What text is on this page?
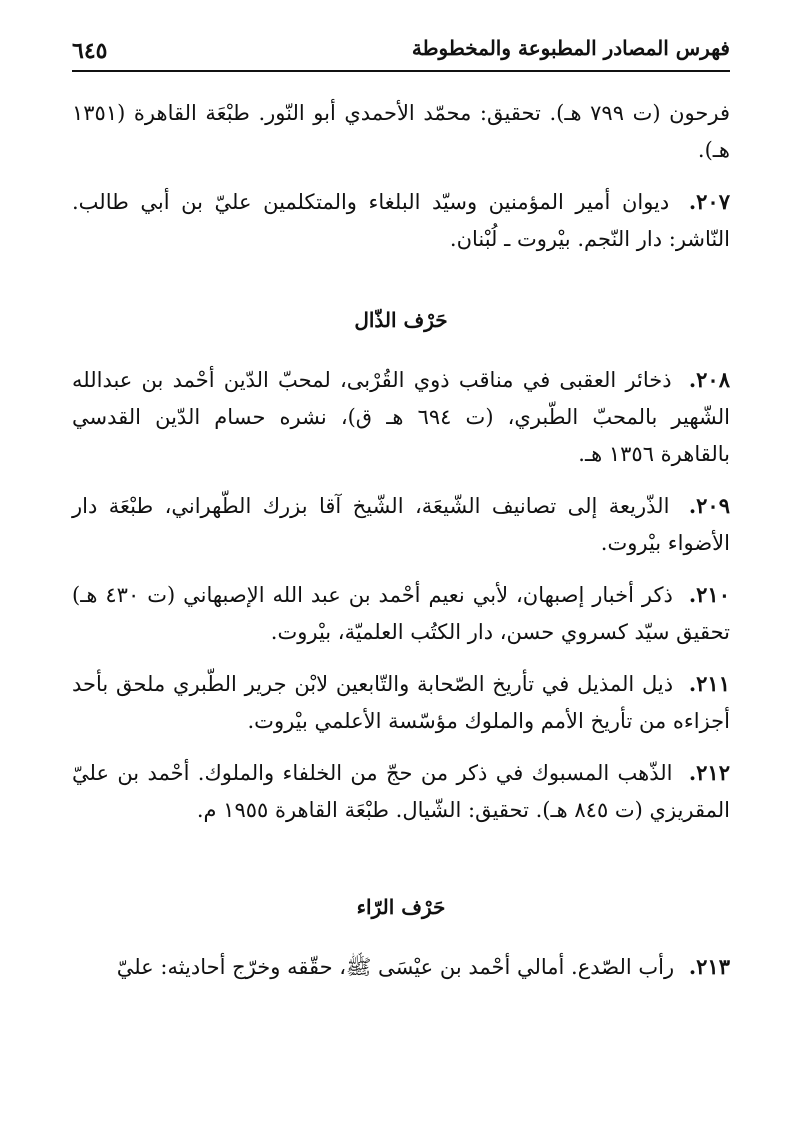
فهرس المصادر المطبوعة والمخطوطة
٦٤٥

فرحون (ت ٧٩٩ هـ). تحقيق: محمّد الأحمدي أبو النّور. طبْعَة القاهرة (١٣٥١ هـ).

٢٠٧. ديوان أمير المؤمنين وسيّد البلغاء والمتكلمين عليّ بن أبي طالب. النّاشر: دار النّجم. بيْروت ـ لُبْنان.

حَرْف الذّال

٢٠٨. ذخائر العقبى في مناقب ذوي القُرْبى، لمحبّ الدّين أحْمد بن عبدالله الشّهير بالمحبّ الطّبري، (ت ٦٩٤ هـ ق)، نشره حسام الدّين القدسي بالقاهرة ١٣٥٦ هـ.

٢٠٩. الذّريعة إلى تصانيف الشّيعَة، الشّيخ آقا بزرك الطّهراني، طبْعَة دار الأضواء بيْروت.

٢١٠. ذكر أخبار إصبهان، لأبي نعيم أحْمد بن عبد الله الإصبهاني (ت ٤٣٠ هـ) تحقيق سيّد كسروي حسن، دار الكتُب العلميّة، بيْروت.

٢١١. ذيل المذيل في تأريخ الصّحابة والتّابعين لابْن جرير الطّبري ملحق بأحد أجزاءه من تأريخ الأمم والملوك مؤسّسة الأعلمي بيْروت.

٢١٢. الذّهب المسبوك في ذكر من حجّ من الخلفاء والملوك. أحْمد بن عليّ المقريزي (ت ٨٤٥ هـ). تحقيق: الشّيال. طبْعَة القاهرة ١٩٥٥ م.

حَرْف الرّاء

٢١٣. رأب الصّدع. أمالي أحْمد بن عيْسَى ﷺ، حقّقه وخرّج أحاديثه: عليّ
